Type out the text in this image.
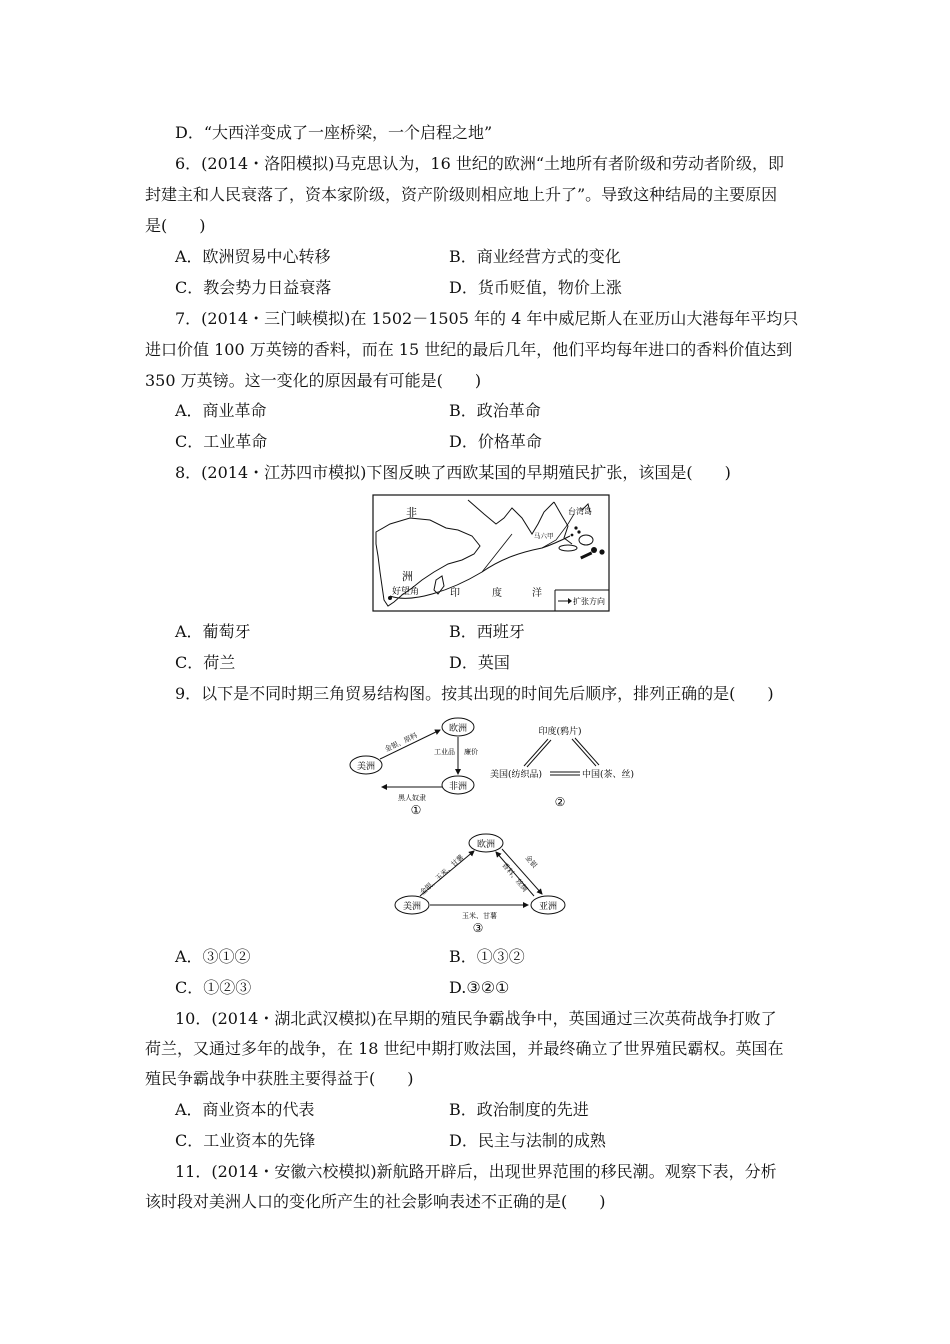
D．“大西洋变成了一座桥梁，一个启程之地”
6．(2014・洛阳模拟)马克思认为，16 世纪的欧洲“土地所有者阶级和劳动者阶级，即
封建主和人民衰落了，资本家阶级，资产阶级则相应地上升了”。导致这种结局的主要原因
是(　　)
A．欧洲贸易中心转移	B．商业经营方式的变化
C．教会势力日益衰落	D．货币贬值，物价上涨
7．(2014・三门峡模拟)在 1502－1505 年的 4 年中威尼斯人在亚历山大港每年平均只
进口价值 100 万英镑的香料，而在 15 世纪的最后几年，他们平均每年进口的香料价值达到
350 万英镑。这一变化的原因最有可能是(　　)
A．商业革命	B．政治革命
C．工业革命	D．价格革命
8．(2014・江苏四市模拟)下图反映了西欧某国的早期殖民扩张，该国是(　　)
非
洲
好望角	印	度	洋
台湾岛
马六甲
扩张方向
A．葡萄牙	B．西班牙
C．荷兰	D．英国
9．以下是不同时期三角贸易结构图。按其出现的时间先后顺序，排列正确的是(　　)
欧洲
美洲
非洲
金银、原料	廉价
工业品
黑人奴隶
①
印度(鸦片)
美国(纺织品)	中国(茶、丝)
②
欧洲
美洲	亚洲
金银、玉米、甘薯	金银
香料、丝绸
玉米、甘薯
③
A．③①②	B．①③②
C．①②③	D.③②①
10．(2014・湖北武汉模拟)在早期的殖民争霸战争中，英国通过三次英荷战争打败了
荷兰，又通过多年的战争，在 18 世纪中期打败法国，并最终确立了世界殖民霸权。英国在
殖民争霸战争中获胜主要得益于(　　)
A．商业资本的代表	B．政治制度的先进
C．工业资本的先锋	D．民主与法制的成熟
11．(2014・安徽六校模拟)新航路开辟后，出现世界范围的移民潮。观察下表，分析
该时段对美洲人口的变化所产生的社会影响表述不正确的是(　　)
